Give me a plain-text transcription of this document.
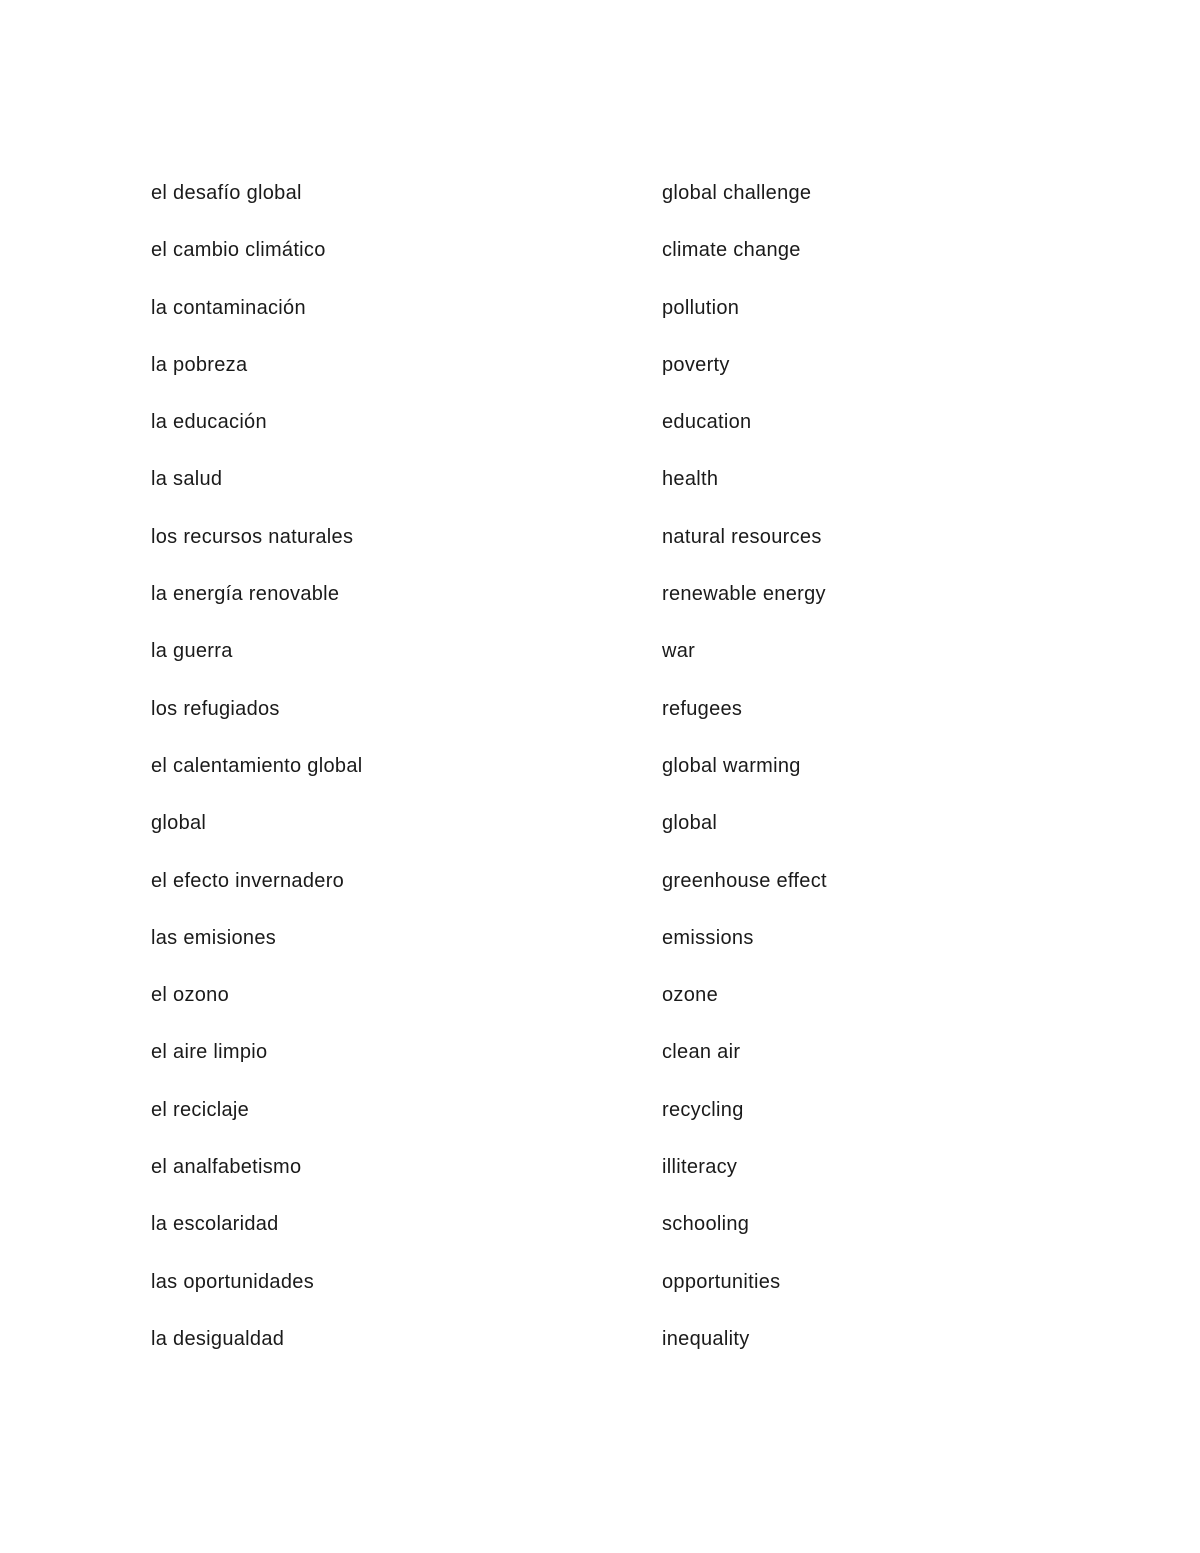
el desafío global	global challenge
el cambio climático	climate change
la contaminación	pollution
la pobreza	poverty
la educación	education
la salud	health
los recursos naturales	natural resources
la energía renovable	renewable energy
la guerra	war
los refugiados	refugees
el calentamiento global	global warming
global	global
el efecto invernadero	greenhouse effect
las emisiones	emissions
el ozono	ozone
el aire limpio	clean air
el reciclaje	recycling
el analfabetismo	illiteracy
la escolaridad	schooling
las oportunidades	opportunities
la desigualdad	inequality
